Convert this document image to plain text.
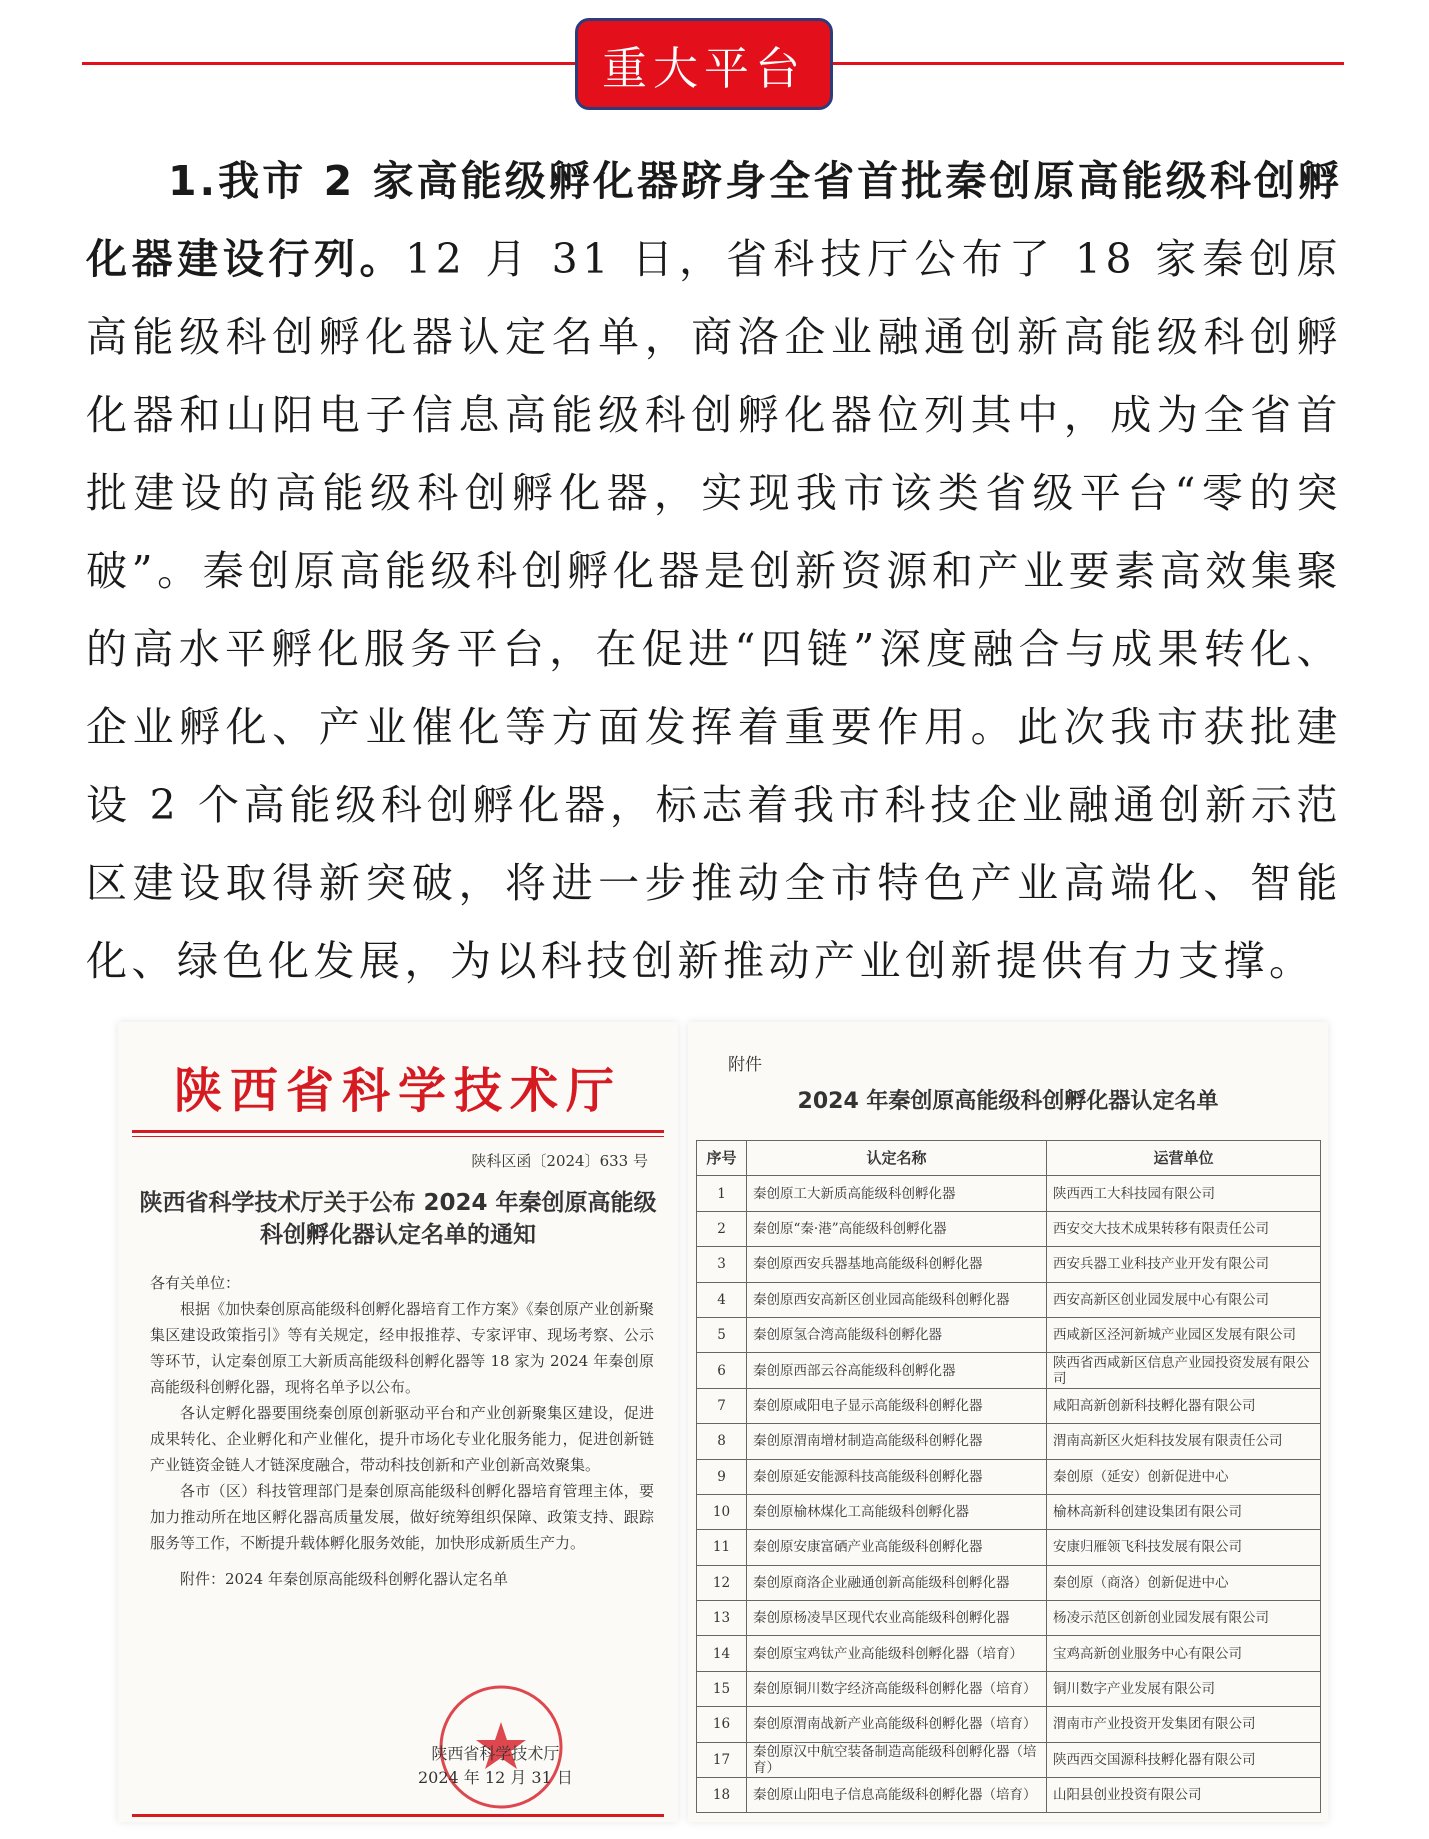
重大平台

1.我市 2 家高能级孵化器跻身全省首批秦创原高能级科创孵化器建设行列。12 月 31 日，省科技厅公布了 18 家秦创原高能级科创孵化器认定名单，商洛企业融通创新高能级科创孵化器和山阳电子信息高能级科创孵化器位列其中，成为全省首批建设的高能级科创孵化器，实现我市该类省级平台“零的突破”。秦创原高能级科创孵化器是创新资源和产业要素高效集聚的高水平孵化服务平台，在促进“四链”深度融合与成果转化、企业孵化、产业催化等方面发挥着重要作用。此次我市获批建设 2 个高能级科创孵化器，标志着我市科技企业融通创新示范区建设取得新突破，将进一步推动全市特色产业高端化、智能化、绿色化发展，为以科技创新推动产业创新提供有力支撑。

陕西省科学技术厅
陕科区函〔2024〕633 号
陕西省科学技术厅关于公布 2024 年秦创原高能级科创孵化器认定名单的通知

各有关单位：

根据《加快秦创原高能级科创孵化器培育工作方案》《秦创原产业创新聚集区建设政策指引》等有关规定，经申报推荐、专家评审、现场考察、公示等环节，认定秦创原工大新质高能级科创孵化器等 18 家为 2024 年秦创原高能级科创孵化器，现将名单予以公布。

各认定孵化器要围绕秦创原创新驱动平台和产业创新聚集区建设，促进成果转化、企业孵化和产业催化，提升市场化专业化服务能力，促进创新链产业链资金链人才链深度融合，带动科技创新和产业创新高效聚集。

各市（区）科技管理部门是秦创原高能级科创孵化器培育管理主体，要加力推动所在地区孵化器高质量发展，做好统筹组织保障、政策支持、跟踪服务等工作，不断提升载体孵化服务效能，加快形成新质生产力。

附件：2024 年秦创原高能级科创孵化器认定名单

陕西省科学技术厅
2024 年 12 月 31 日
附件
2024 年秦创原高能级科创孵化器认定名单
序号	认定名称	运营单位
1	秦创原工大新质高能级科创孵化器	陕西西工大科技园有限公司
2	秦创原“秦·港”高能级科创孵化器	西安交大技术成果转移有限责任公司
3	秦创原西安兵器基地高能级科创孵化器	西安兵器工业科技产业开发有限公司
4	秦创原西安高新区创业园高能级科创孵化器	西安高新区创业园发展中心有限公司
5	秦创原氢合湾高能级科创孵化器	西咸新区泾河新城产业园区发展有限公司
6	秦创原西部云谷高能级科创孵化器	陕西省西咸新区信息产业园投资发展有限公司
7	秦创原咸阳电子显示高能级科创孵化器	咸阳高新创新科技孵化器有限公司
8	秦创原渭南增材制造高能级科创孵化器	渭南高新区火炬科技发展有限责任公司
9	秦创原延安能源科技高能级科创孵化器	秦创原（延安）创新促进中心
10	秦创原榆林煤化工高能级科创孵化器	榆林高新科创建设集团有限公司
11	秦创原安康富硒产业高能级科创孵化器	安康归雁领飞科技发展有限公司
12	秦创原商洛企业融通创新高能级科创孵化器	秦创原（商洛）创新促进中心
13	秦创原杨凌旱区现代农业高能级科创孵化器	杨凌示范区创新创业园发展有限公司
14	秦创原宝鸡钛产业高能级科创孵化器（培育）	宝鸡高新创业服务中心有限公司
15	秦创原铜川数字经济高能级科创孵化器（培育）	铜川数字产业发展有限公司
16	秦创原渭南战新产业高能级科创孵化器（培育）	渭南市产业投资开发集团有限公司
17	秦创原汉中航空装备制造高能级科创孵化器（培育）	陕西西交国源科技孵化器有限公司
18	秦创原山阳电子信息高能级科创孵化器（培育）	山阳县创业投资有限公司
